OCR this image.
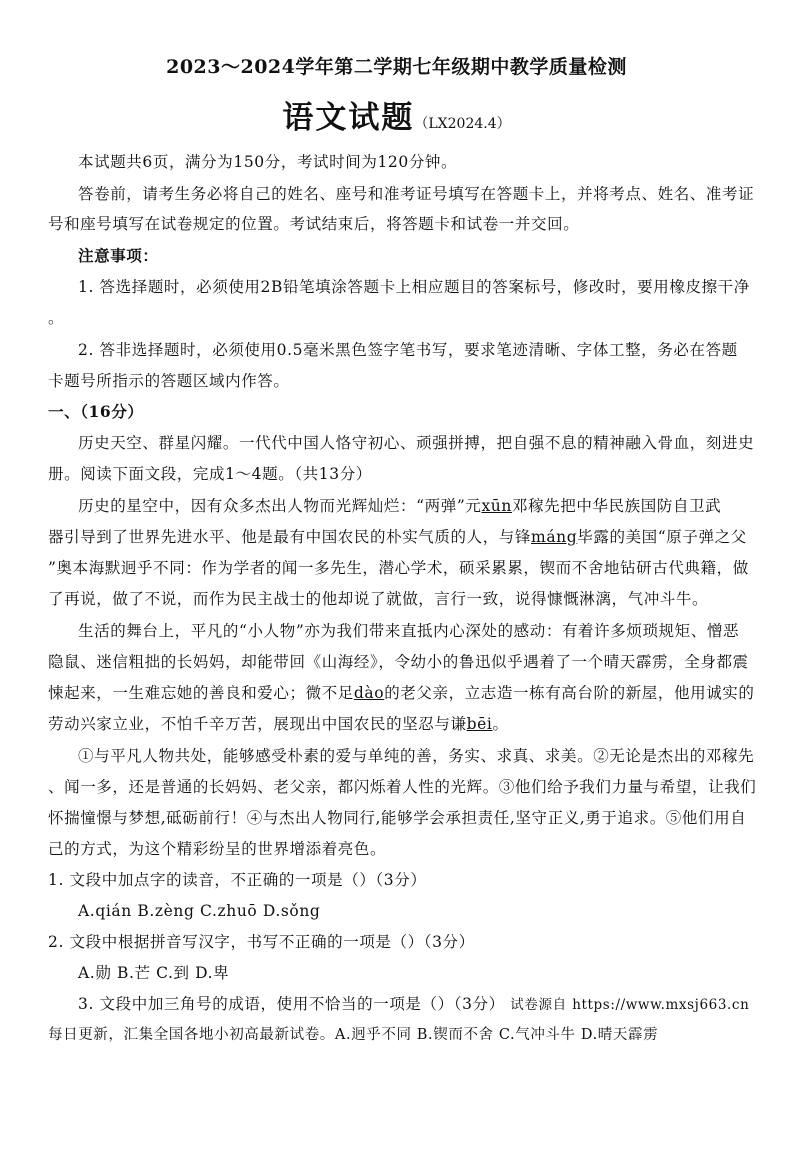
2023～2024学年第二学期七年级期中教学质量检测
语文试题（LX2024.4）
本试题共6页，满分为150分，考试时间为120分钟。
答卷前，请考生务必将自己的姓名、座号和准考证号填写在答题卡上，并将考点、姓名、准考证
号和座号填写在试卷规定的位置。考试结束后，将答题卡和试卷一并交回。
注意事项：
1. 答选择题时，必须使用2B铅笔填涂答题卡上相应题目的答案标号，修改时，要用橡皮擦干净
。
2. 答非选择题时，必须使用0.5毫米黑色签字笔书写，要求笔迹清晰、字体工整，务必在答题
卡题号所指示的答题区域内作答。
一、（16分）
历史天空、群星闪耀。一代代中国人恪守初心、顽强拼搏，把自强不息的精神融入骨血，刻进史
册。阅读下面文段，完成1～4题。（共13分）
历史的星空中，因有众多杰出人物而光辉灿烂：“两弹”元xūn邓稼先把中华民族国防自卫武
器引导到了世界先进水平、他是最有中国农民的朴实气质的人，与锋máng毕露的美国“原子弹之父
”奥本海默迥乎不同：作为学者的闻一多先生，潜心学术，硕采累累，锲而不舍地钻研古代典籍，做
了再说，做了不说，而作为民主战士的他却说了就做，言行一致，说得慷慨淋漓，气冲斗牛。
生活的舞台上，平凡的“小人物”亦为我们带来直抵内心深处的感动：有着许多烦琐规矩、憎恶
隐鼠、迷信粗拙的长妈妈，却能带回《山海经》，令幼小的鲁迅似乎遇着了一个晴天霹雳，全身都震
悚起来，一生难忘她的善良和爱心；微不足dào的老父亲，立志造一栋有高台阶的新屋，他用诚实的
劳动兴家立业，不怕千辛万苦，展现出中国农民的坚忍与谦bēi。
①与平凡人物共处，能够感受朴素的爱与单纯的善，务实、求真、求美。②无论是杰出的邓稼先
、闻一多，还是普通的长妈妈、老父亲，都闪烁着人性的光辉。③他们给予我们力量与希望，让我们
怀揣憧憬与梦想,砥砺前行！④与杰出人物同行,能够学会承担责任,坚守正义,勇于追求。⑤他们用自
己的方式，为这个精彩纷呈的世界增添着亮色。
1. 文段中加点字的读音，不正确的一项是（）（3分）
A.qián B.zèng C.zhuō D.sǒng
2. 文段中根据拼音写汉字，书写不正确的一项是（）（3分）
A.勋 B.芒 C.到 D.卑
3. 文段中加三角号的成语，使用不恰当的一项是（）（3分） 试卷源自 https://www.mxsj663.cn
每日更新，汇集全国各地小初高最新试卷。A.迥乎不同 B.锲而不舍 C.气冲斗牛 D.晴天霹雳
